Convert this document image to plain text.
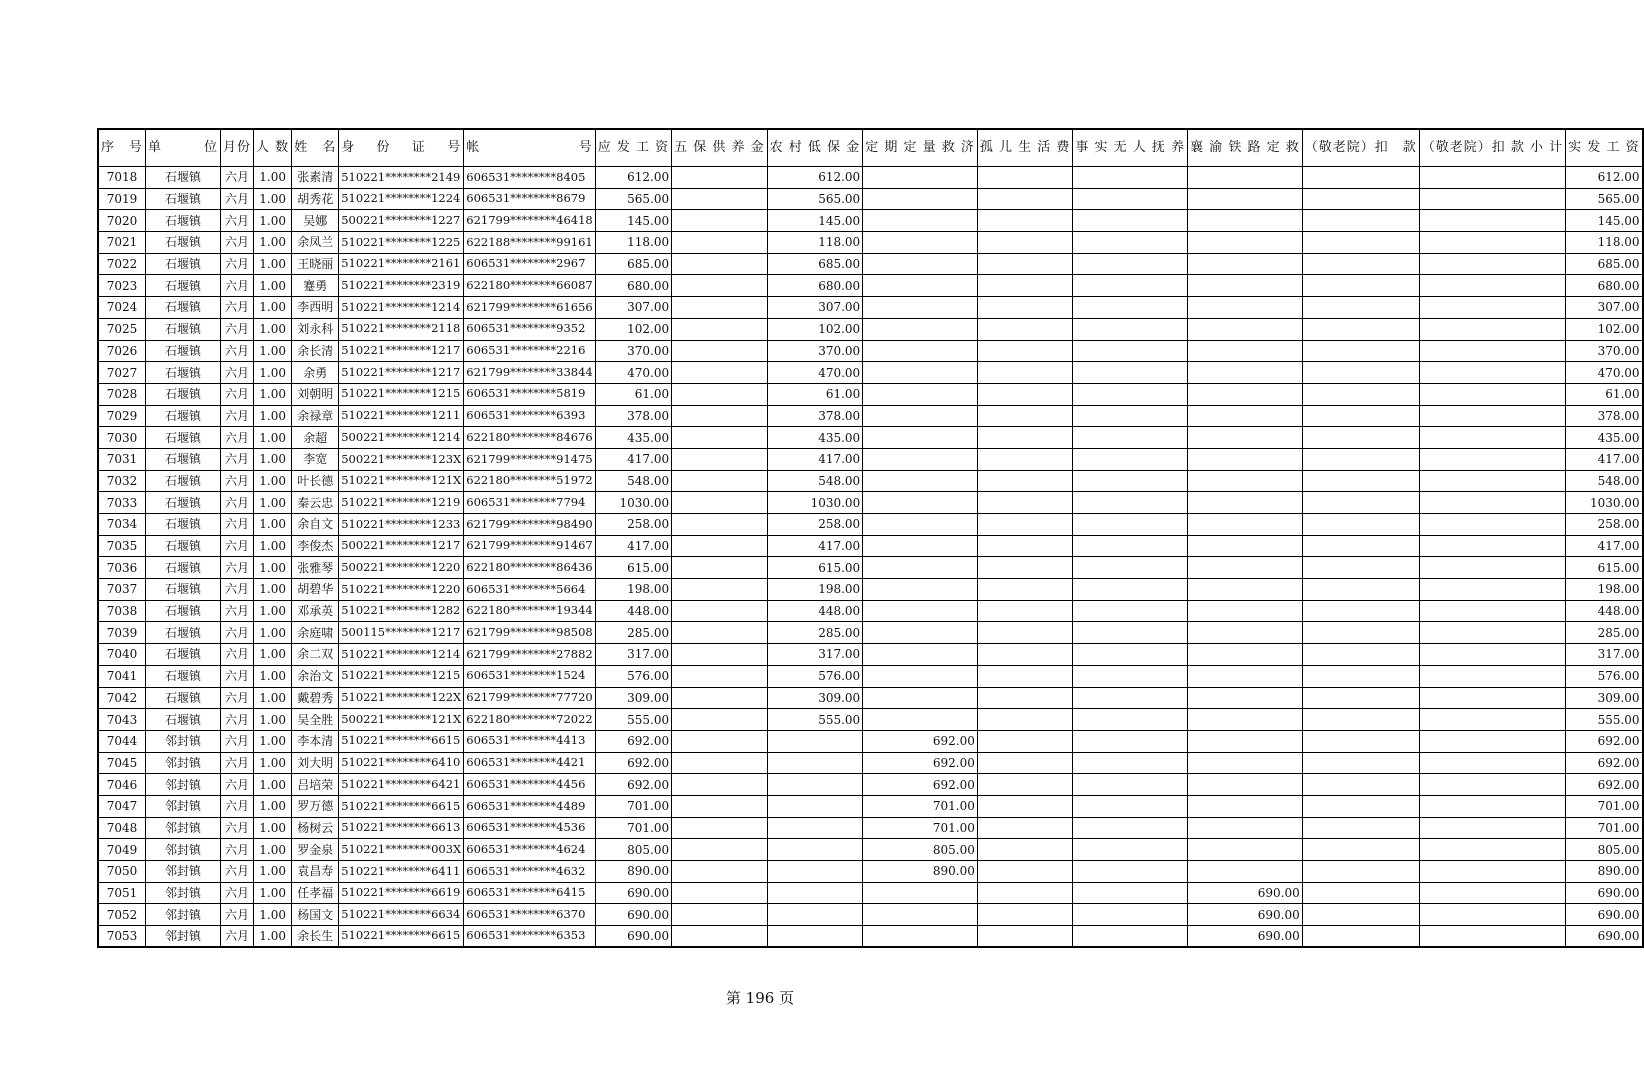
序　号	单　　　位	月份	人 数	姓　名	身　份　证　号	帐　　　号	应 发 工 资	五 保 供 养 金	农 村 低 保 金	定 期 定 量 救 济	孤 儿 生 活 费	事 实 无 人 抚 养	襄 渝 铁 路 定 救	（敬老院）扣　款	（敬老院）扣 款 小 计	实 发 工 资
7018	石堰镇	六月	1.00	张素清	510221********2149	606531********8405	612.00		612.00							612.00
7019	石堰镇	六月	1.00	胡秀花	510221********1224	606531********8679	565.00		565.00							565.00
7020	石堰镇	六月	1.00	吴娜	500221********1227	621799********46418	145.00		145.00							145.00
7021	石堰镇	六月	1.00	余凤兰	510221********1225	622188********99161	118.00		118.00							118.00
7022	石堰镇	六月	1.00	王晓丽	510221********2161	606531********2967	685.00		685.00							685.00
7023	石堰镇	六月	1.00	蹇勇	510221********2319	622180********66087	680.00		680.00							680.00
7024	石堰镇	六月	1.00	李西明	510221********1214	621799********61656	307.00		307.00							307.00
7025	石堰镇	六月	1.00	刘永科	510221********2118	606531********9352	102.00		102.00							102.00
7026	石堰镇	六月	1.00	余长清	510221********1217	606531********2216	370.00		370.00							370.00
7027	石堰镇	六月	1.00	余勇	510221********1217	621799********33844	470.00		470.00							470.00
7028	石堰镇	六月	1.00	刘朝明	510221********1215	606531********5819	61.00		61.00							61.00
7029	石堰镇	六月	1.00	余禄章	510221********1211	606531********6393	378.00		378.00							378.00
7030	石堰镇	六月	1.00	余超	500221********1214	622180********84676	435.00		435.00							435.00
7031	石堰镇	六月	1.00	李宽	500221********123X	621799********91475	417.00		417.00							417.00
7032	石堰镇	六月	1.00	叶长德	510221********121X	622180********51972	548.00		548.00							548.00
7033	石堰镇	六月	1.00	秦云忠	510221********1219	606531********7794	1030.00		1030.00							1030.00
7034	石堰镇	六月	1.00	余自文	510221********1233	621799********98490	258.00		258.00							258.00
7035	石堰镇	六月	1.00	李俊杰	500221********1217	621799********91467	417.00		417.00							417.00
7036	石堰镇	六月	1.00	张雅琴	500221********1220	622180********86436	615.00		615.00							615.00
7037	石堰镇	六月	1.00	胡碧华	510221********1220	606531********5664	198.00		198.00							198.00
7038	石堰镇	六月	1.00	邓承英	510221********1282	622180********19344	448.00		448.00							448.00
7039	石堰镇	六月	1.00	余庭啸	500115********1217	621799********98508	285.00		285.00							285.00
7040	石堰镇	六月	1.00	余二双	510221********1214	621799********27882	317.00		317.00							317.00
7041	石堰镇	六月	1.00	余治文	510221********1215	606531********1524	576.00		576.00							576.00
7042	石堰镇	六月	1.00	戴碧秀	510221********122X	621799********77720	309.00		309.00							309.00
7043	石堰镇	六月	1.00	吴全胜	500221********121X	622180********72022	555.00		555.00							555.00
7044	邻封镇	六月	1.00	李本清	510221********6615	606531********4413	692.00			692.00						692.00
7045	邻封镇	六月	1.00	刘大明	510221********6410	606531********4421	692.00			692.00						692.00
7046	邻封镇	六月	1.00	吕培荣	510221********6421	606531********4456	692.00			692.00						692.00
7047	邻封镇	六月	1.00	罗万德	510221********6615	606531********4489	701.00			701.00						701.00
7048	邻封镇	六月	1.00	杨树云	510221********6613	606531********4536	701.00			701.00						701.00
7049	邻封镇	六月	1.00	罗金泉	510221********003X	606531********4624	805.00			805.00						805.00
7050	邻封镇	六月	1.00	袁昌寿	510221********6411	606531********4632	890.00			890.00						890.00
7051	邻封镇	六月	1.00	任孝福	510221********6619	606531********6415	690.00						690.00			690.00
7052	邻封镇	六月	1.00	杨国文	510221********6634	606531********6370	690.00						690.00			690.00
7053	邻封镇	六月	1.00	余长生	510221********6615	606531********6353	690.00						690.00			690.00
第 196 页
